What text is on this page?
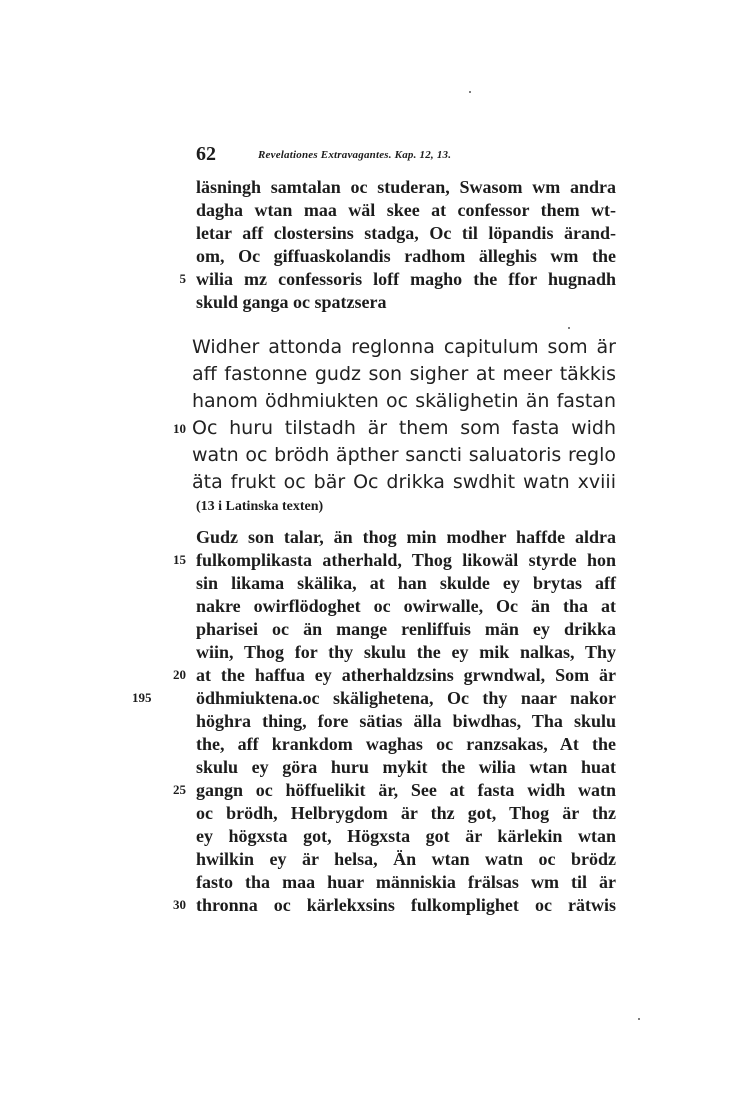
62	Revelationes Extravagantes. Kap. 12, 13.
läsningh samtalan oc studeran, Swasom wm andra
dagha wtan maa wäl skee at confessor them wt-
letar aff clostersins stadga, Oc til löpandis ärand-
om, Oc giffuaskolandis radhom älleghis wm the
wilia mz confessoris loff magho the ffor hugnadh
skuld ganga oc spatzsera
Widher attonda reglonna capitulum som är
aff fastonne gudz son sigher at meer täkkis
hanom ödhmiukten oc skälighetin än fastan
Oc huru tilstadh är them som fasta widh
watn oc brödh äpther sancti saluatoris reglo
äta frukt oc bär Oc drikka swdhit watn xviii
(13 i Latinska texten)
Gudz son talar, än thog min modher haffde aldra
fulkomplikasta atherhald, Thog likowäl styrde hon
sin likama skälika, at han skulde ey brytas aff
nakre owirflödoghet oc owirwalle, Oc än tha at
pharisei oc än mange renliffuis män ey drikka
wiin, Thog for thy skulu the ey mik nalkas, Thy
at the haffua ey atherhaldzsins grwndwal, Som är
ödhmiuktena.oc skälighetena, Oc thy naar nakor
höghra thing, fore sätias älla biwdhas, Tha skulu
the, aff krankdom waghas oc ranzsakas, At the
skulu ey göra huru mykit the wilia wtan huat
gangn oc höffuelikit är, See at fasta widh watn
oc brödh, Helbrygdom är thz got, Thog är thz
ey högxsta got, Högxsta got är kärlekin wtan
hwilkin ey är helsa, Än wtan watn oc brödz
fasto tha maa huar människia frälsas wm til är
thronna oc kärlekxsins fulkomplighet oc rätwis
5
10
15
20
25
30
195
